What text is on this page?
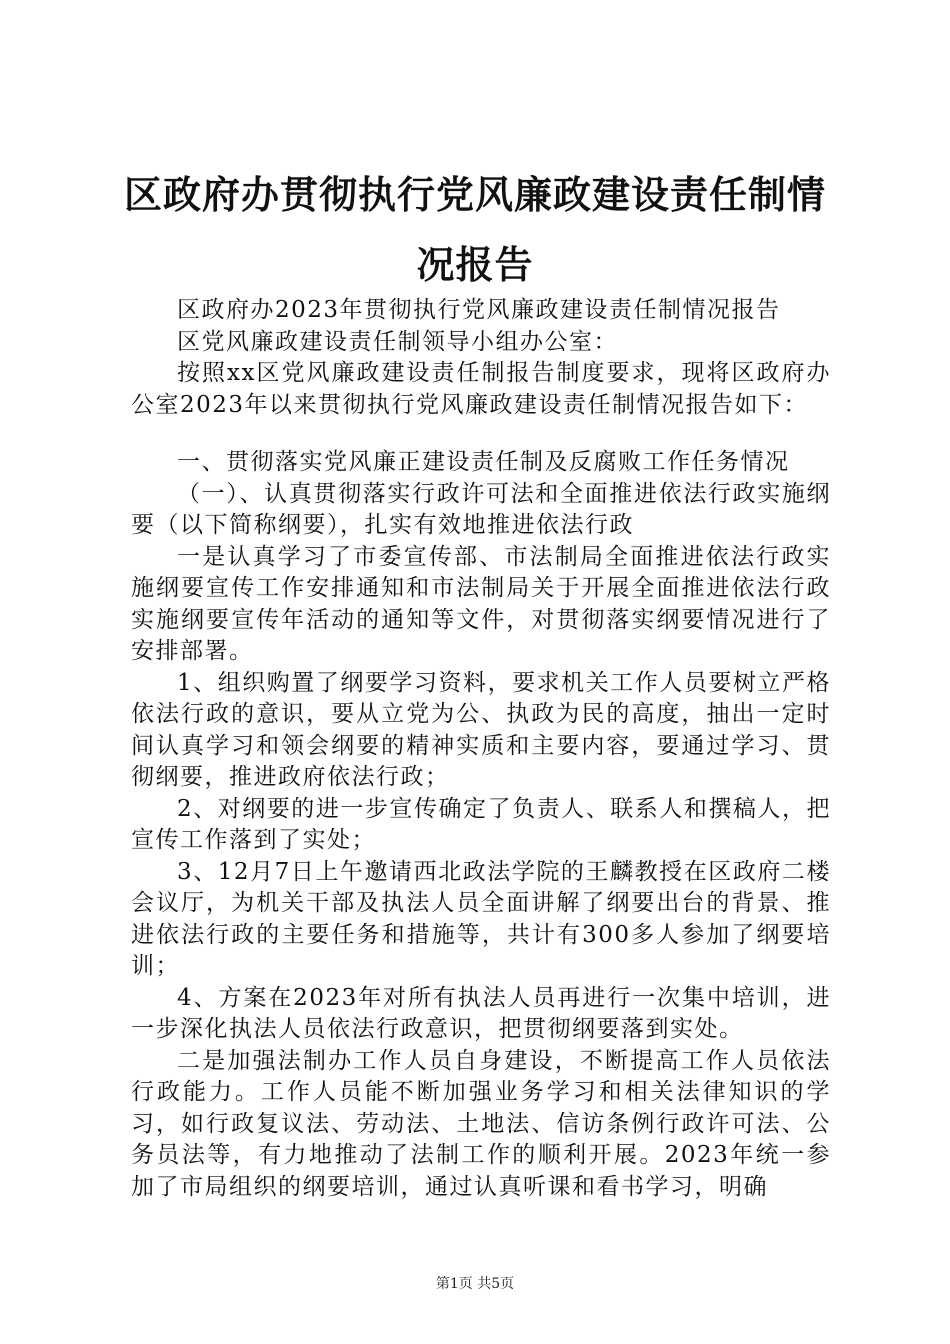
区政府办贯彻执行党风廉政建设责任制情况报告

区政府办2023年贯彻执行党风廉政建设责任制情况报告

区党风廉政建设责任制领导小组办公室：

按照xx区党风廉政建设责任制报告制度要求，现将区政府办公室2023年以来贯彻执行党风廉政建设责任制情况报告如下：

一、贯彻落实党风廉正建设责任制及反腐败工作任务情况

（一）、认真贯彻落实行政许可法和全面推进依法行政实施纲要（以下简称纲要），扎实有效地推进依法行政

一是认真学习了市委宣传部、市法制局全面推进依法行政实施纲要宣传工作安排通知和市法制局关于开展全面推进依法行政实施纲要宣传年活动的通知等文件，对贯彻落实纲要情况进行了安排部署。

1、组织购置了纲要学习资料，要求机关工作人员要树立严格依法行政的意识，要从立党为公、执政为民的高度，抽出一定时间认真学习和领会纲要的精神实质和主要内容，要通过学习、贯彻纲要，推进政府依法行政；

2、对纲要的进一步宣传确定了负责人、联系人和撰稿人，把宣传工作落到了实处；

3、12月7日上午邀请西北政法学院的王麟教授在区政府二楼会议厅，为机关干部及执法人员全面讲解了纲要出台的背景、推进依法行政的主要任务和措施等，共计有300多人参加了纲要培训；

4、方案在2023年对所有执法人员再进行一次集中培训，进一步深化执法人员依法行政意识，把贯彻纲要落到实处。

二是加强法制办工作人员自身建设，不断提高工作人员依法行政能力。工作人员能不断加强业务学习和相关法律知识的学习，如行政复议法、劳动法、土地法、信访条例行政许可法、公务员法等，有力地推动了法制工作的顺利开展。2023年统一参加了市局组织的纲要培训，通过认真听课和看书学习，明确

第1页 共5页
